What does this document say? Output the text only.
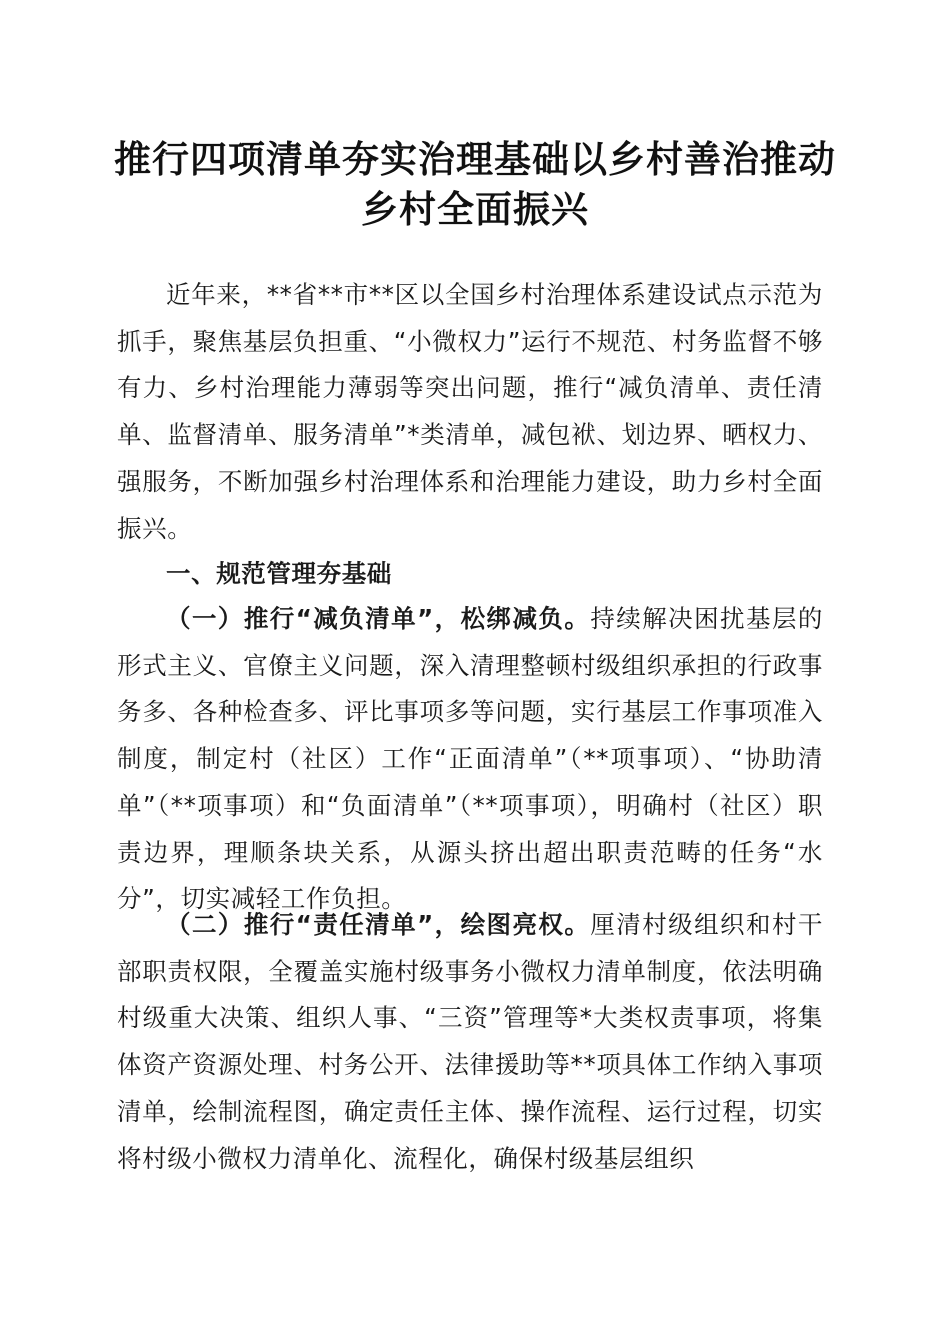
推行四项清单夯实治理基础以乡村善治推动乡村全面振兴

近年来，**省**市**区以全国乡村治理体系建设试点示范为抓手，聚焦基层负担重、“小微权力”运行不规范、村务监督不够有力、乡村治理能力薄弱等突出问题，推行“减负清单、责任清单、监督清单、服务清单”*类清单，减包袱、划边界、晒权力、强服务，不断加强乡村治理体系和治理能力建设，助力乡村全面振兴。

一、规范管理夯基础

（一）推行“减负清单”，松绑减负。持续解决困扰基层的形式主义、官僚主义问题，深入清理整顿村级组织承担的行政事务多、各种检查多、评比事项多等问题，实行基层工作事项准入制度，制定村（社区）工作“正面清单”（**项事项）、“协助清单”（**项事项）和“负面清单”（**项事项），明确村（社区）职责边界，理顺条块关系，从源头挤出超出职责范畴的任务“水分”，切实减轻工作负担。

（二）推行“责任清单”，绘图亮权。厘清村级组织和村干部职责权限，全覆盖实施村级事务小微权力清单制度，依法明确村级重大决策、组织人事、“三资”管理等*大类权责事项，将集体资产资源处理、村务公开、法律援助等**项具体工作纳入事项清单，绘制流程图，确定责任主体、操作流程、运行过程，切实将村级小微权力清单化、流程化，确保村级基层组织
